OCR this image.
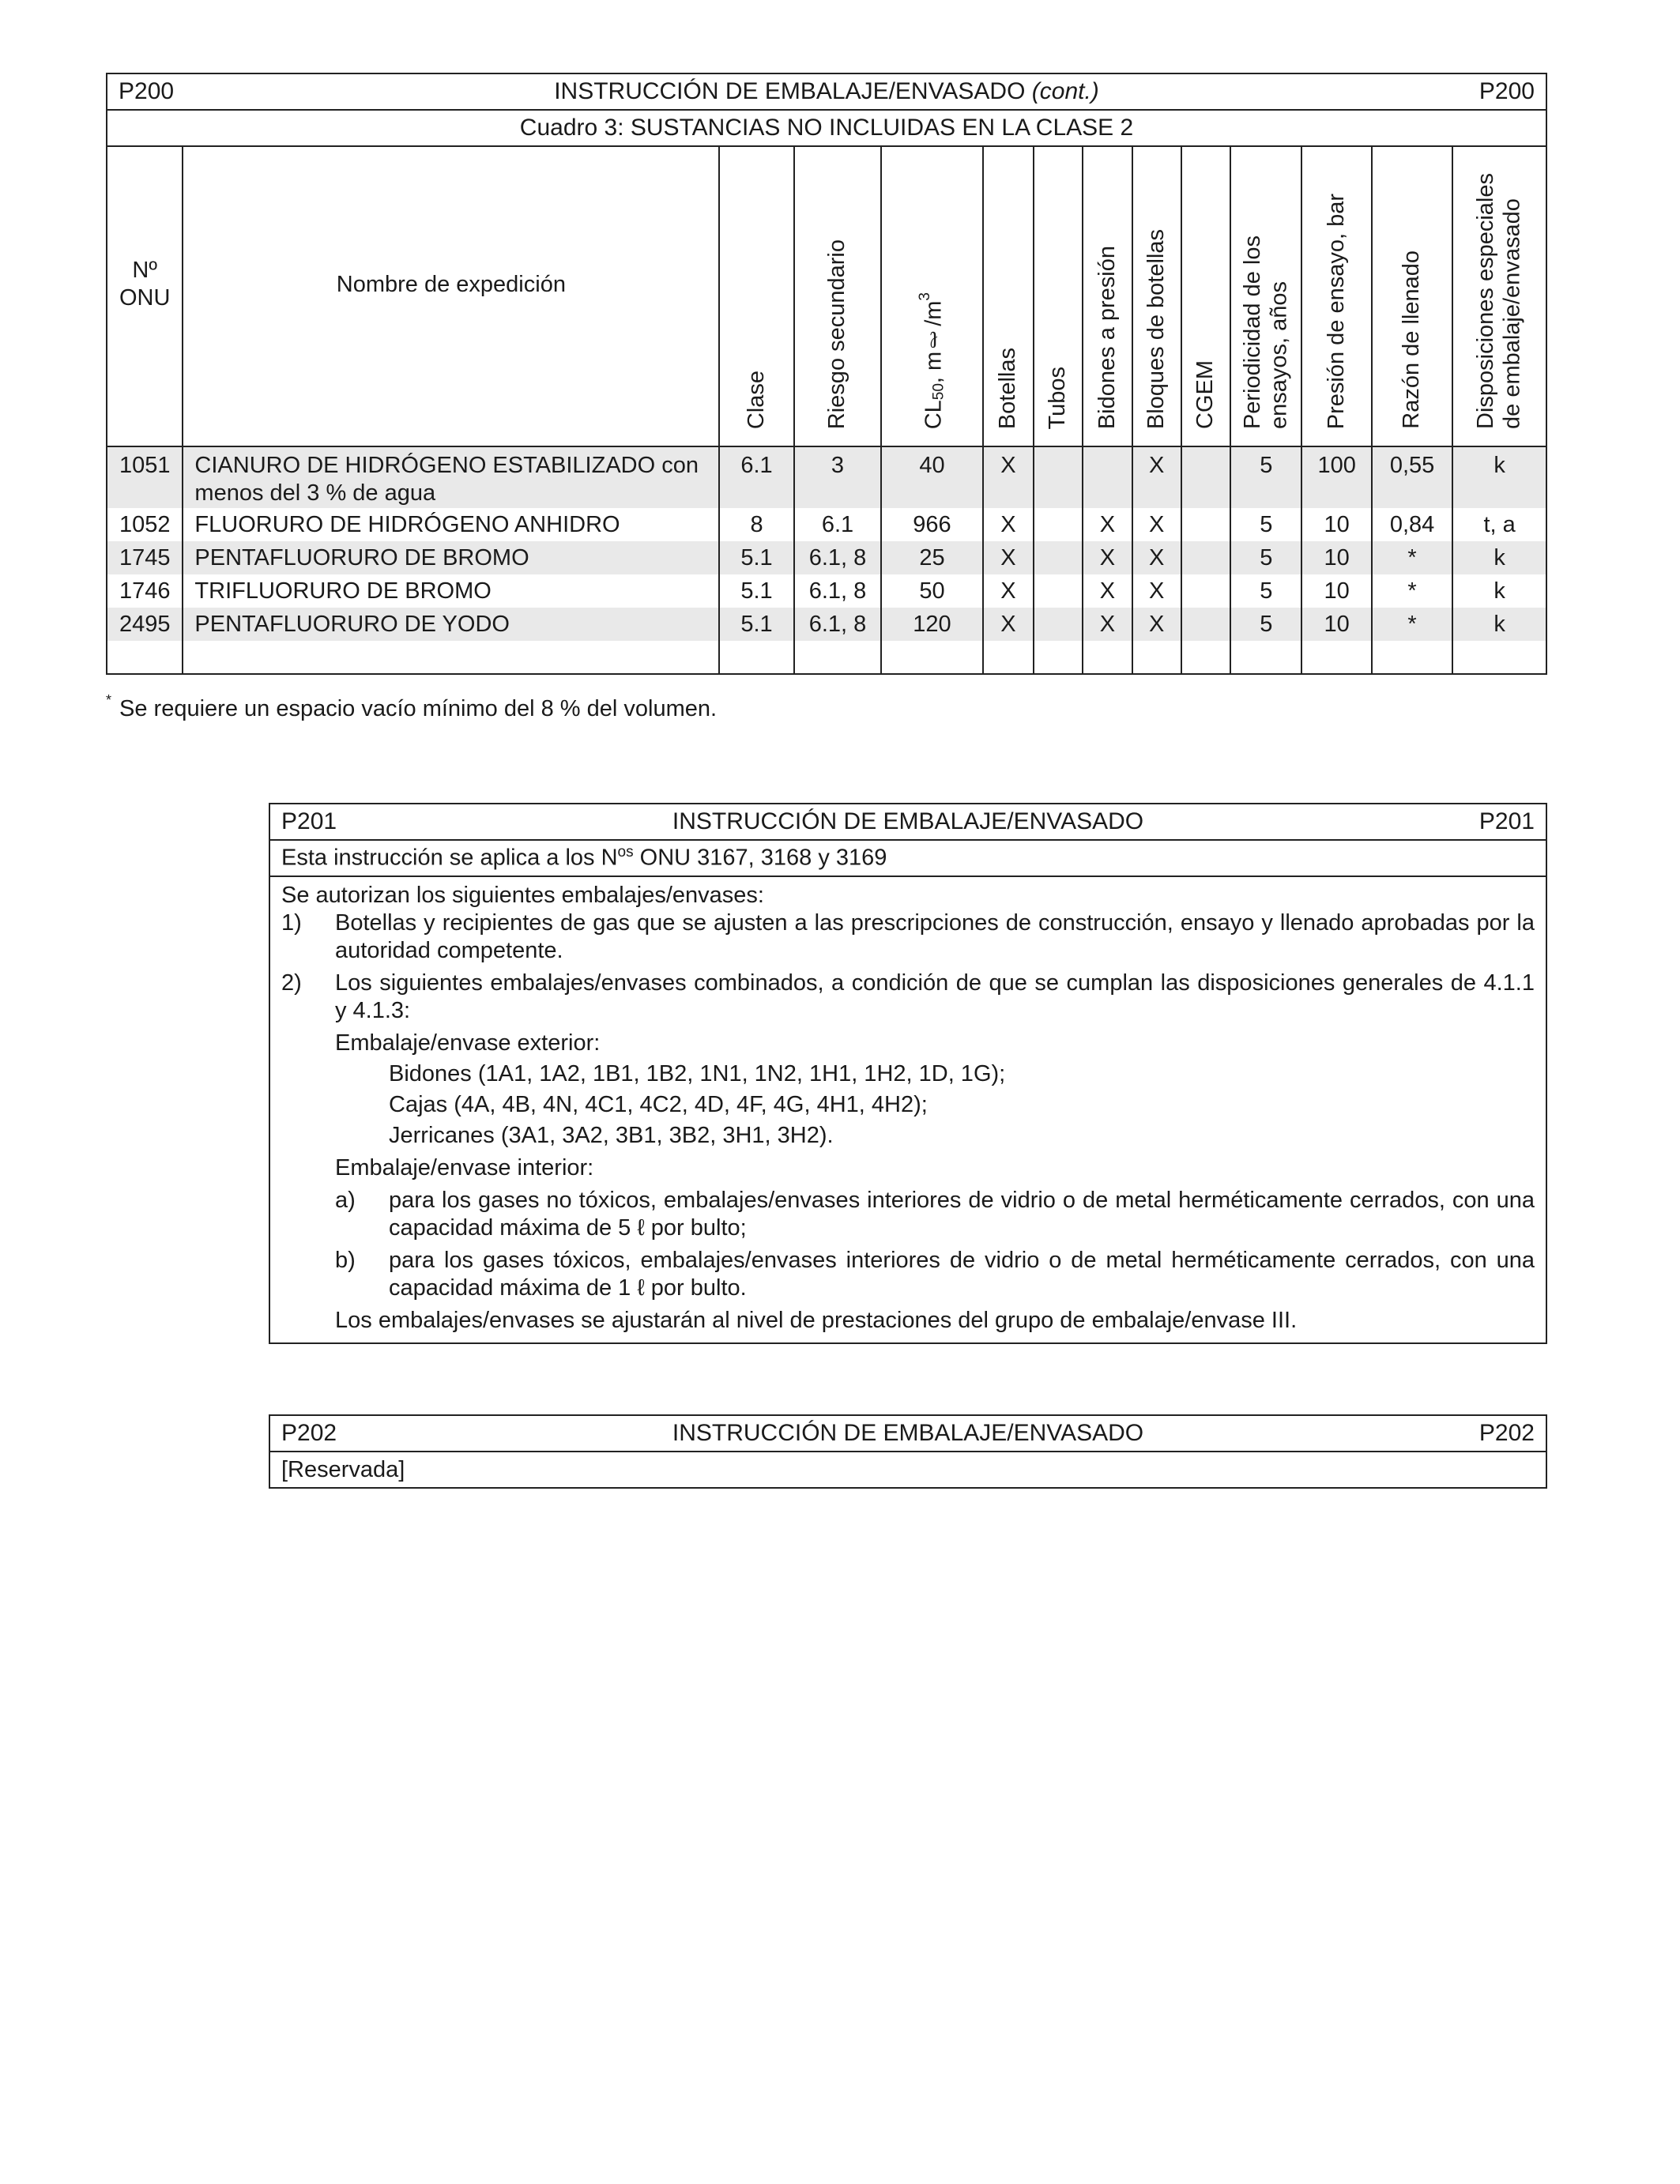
P200 INSTRUCCIÓN DE EMBALAJE/ENVASADO (cont.) P200													

Cuadro 3: SUSTANCIAS NO INCLUIDAS EN LA CLASE 2													

Nº
ONU	Nombre de expedición	Clase	Riesgo secundario	$CL_{50}$, $m\ell/m^3$	Botellas	Tubos	Bidones a presión	Bloques de botellas	CGEM	Periodicidad de los
ensayos, años	Presión de ensayo, bar	Razón de llenado	Disposiciones especiales
de embalaje/envasado
1051	CIANURO DE HIDRÓGENO ESTABILIZADO con
menos del 3 % de agua	6.1	3	40	X			X		5	100	0,55	k
1052	FLUORURO DE HIDRÓGENO ANHIDRO	8	6.1	966	X		X	X		5	10	0,84	t, a
1745	PENTAFLUORURO DE BROMO	5.1	6.1, 8	25	X		X	X		5	10	*	k
1746	TRIFLUORURO DE BROMO	5.1	6.1, 8	50	X		X	X		5	10	*	k
2495	PENTAFLUORURO DE YODO	5.1	6.1, 8	120	X		X	X		5	10	*	k

* Se requiere un espacio vacío mínimo del 8 % del volumen.
P201	INSTRUCCIÓN DE EMBALAJE/ENVASADO	P201

Esta instrucción se aplica a los $N^{os}$ ONU 3167, 3168 y 3169

Se autorizan los siguientes embalajes/envases:
1)	Botellas y recipientes de gas que se ajusten a las prescripciones de construcción, ensayo y llenado aprobadas por la autoridad competente.
2)	Los siguientes embalajes/envases combinados, a condición de que se cumplan las disposiciones generales de 4.1.1 y 4.1.3:
Embalaje/envase exterior:
Bidones (1A1, 1A2, 1B1, 1B2, 1N1, 1N2, 1H1, 1H2, 1D, 1G);
Cajas (4A, 4B, 4N, 4C1, 4C2, 4D, 4F, 4G, 4H1, 4H2);
Jerricanes (3A1, 3A2, 3B1, 3B2, 3H1, 3H2).
Embalaje/envase interior:
a)	para los gases no tóxicos, embalajes/envases interiores de vidrio o de metal herméticamente cerrados, con una capacidad máxima de 5 ℓ por bulto;
b)	para los gases tóxicos, embalajes/envases interiores de vidrio o de metal herméticamente cerrados, con una capacidad máxima de 1 ℓ por bulto.
Los embalajes/envases se ajustarán al nivel de prestaciones del grupo de embalaje/envase III.
P202	INSTRUCCIÓN DE EMBALAJE/ENVASADO	P202

[Reservada]
